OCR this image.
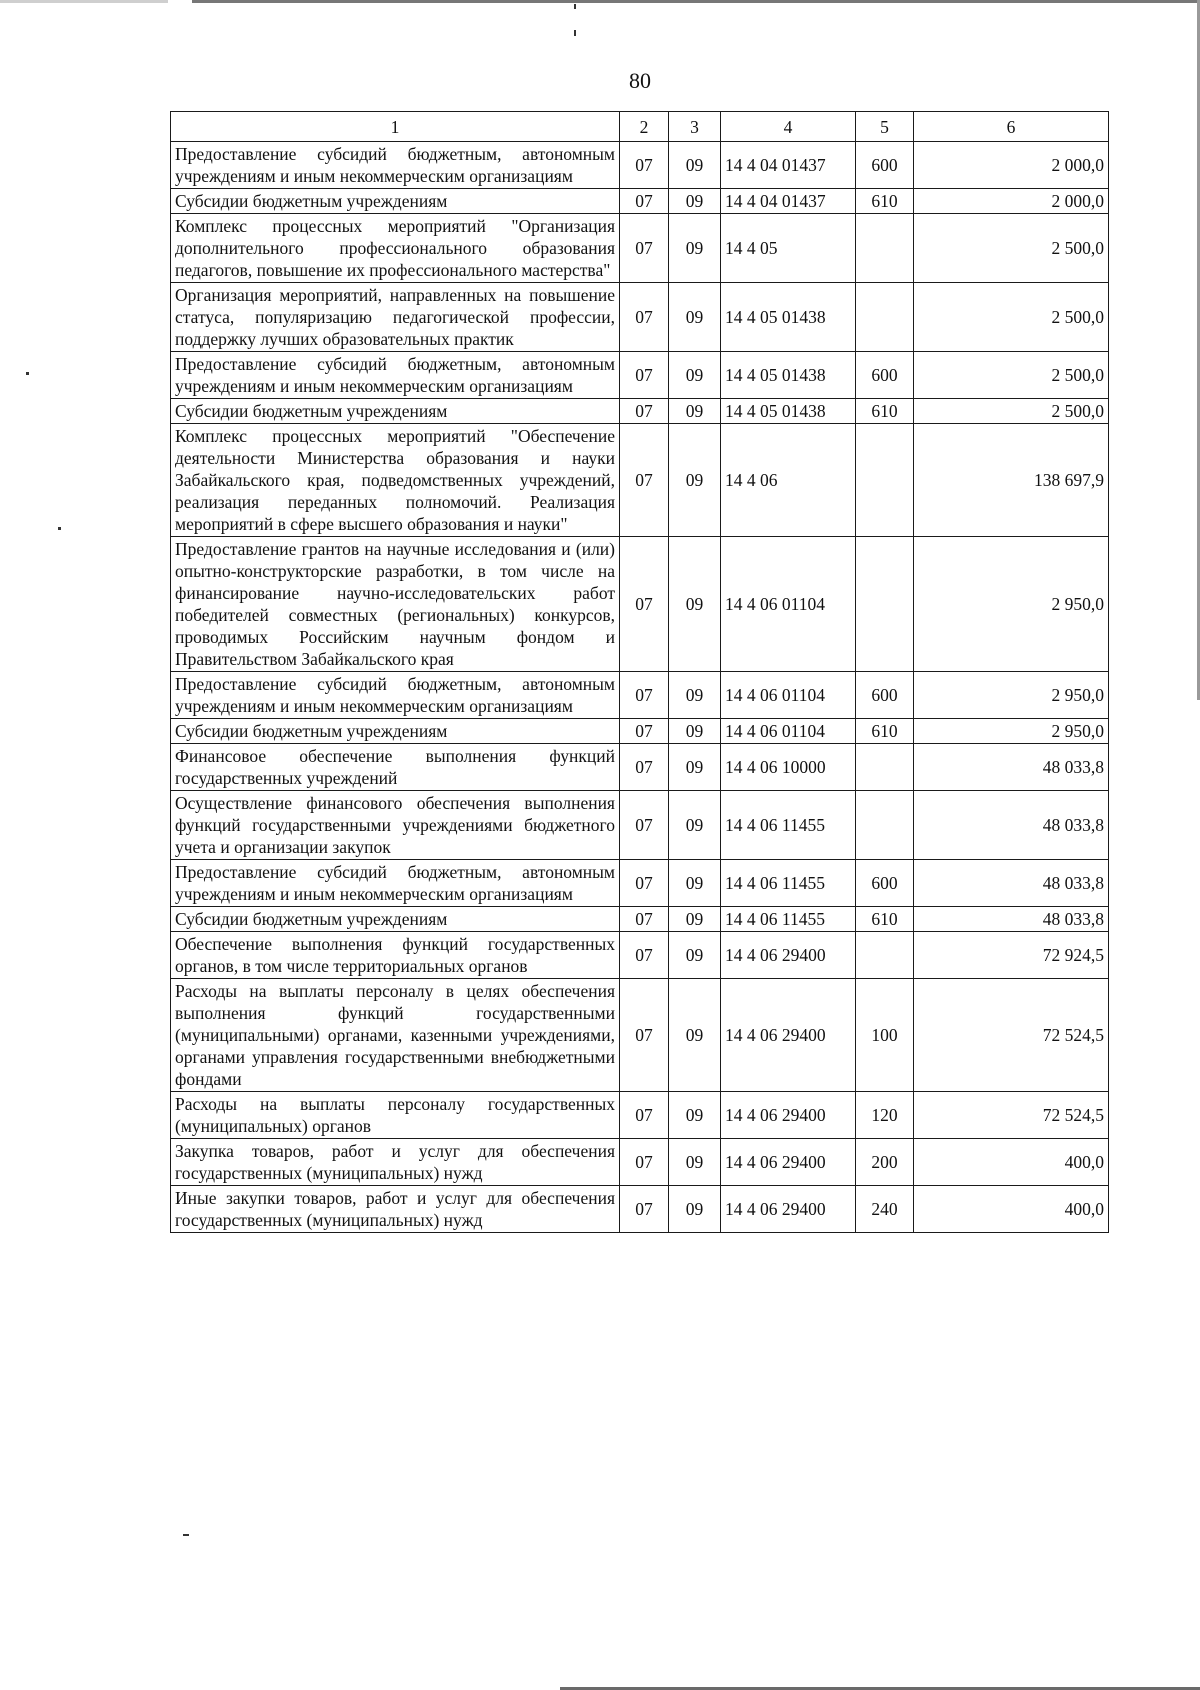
80
1	2	3	4	5	6
Предоставление субсидий бюджетным, автономным учреждениям и иным некоммерческим организациям	07	09	14 4 04 01437	600	2 000,0
Субсидии бюджетным учреждениям	07	09	14 4 04 01437	610	2 000,0
Комплекс процессных мероприятий "Организация дополнительного профессионального образования педагогов, повышение их профессионального мастерства"	07	09	14 4 05		2 500,0
Организация мероприятий, направленных на повышение статуса, популяризацию педагогической профессии, поддержку лучших образовательных практик	07	09	14 4 05 01438		2 500,0
Предоставление субсидий бюджетным, автономным учреждениям и иным некоммерческим организациям	07	09	14 4 05 01438	600	2 500,0
Субсидии бюджетным учреждениям	07	09	14 4 05 01438	610	2 500,0
Комплекс процессных мероприятий "Обеспечение деятельности Министерства образования и науки Забайкальского края, подведомственных учреждений, реализация переданных полномочий. Реализация мероприятий в сфере высшего образования и науки"	07	09	14 4 06		138 697,9
Предоставление грантов на научные исследования и (или) опытно-конструкторские разработки, в том числе на финансирование научно-исследовательских работ победителей совместных (региональных) конкурсов, проводимых Российским научным фондом и Правительством Забайкальского края	07	09	14 4 06 01104		2 950,0
Предоставление субсидий бюджетным, автономным учреждениям и иным некоммерческим организациям	07	09	14 4 06 01104	600	2 950,0
Субсидии бюджетным учреждениям	07	09	14 4 06 01104	610	2 950,0
Финансовое обеспечение выполнения функций государственных учреждений	07	09	14 4 06 10000		48 033,8
Осуществление финансового обеспечения выполнения функций государственными учреждениями бюджетного учета и организации закупок	07	09	14 4 06 11455		48 033,8
Предоставление субсидий бюджетным, автономным учреждениям и иным некоммерческим организациям	07	09	14 4 06 11455	600	48 033,8
Субсидии бюджетным учреждениям	07	09	14 4 06 11455	610	48 033,8
Обеспечение выполнения функций государственных органов, в том числе территориальных органов	07	09	14 4 06 29400		72 924,5
Расходы на выплаты персоналу в целях обеспечения выполнения функций государственными (муниципальными) органами, казенными учреждениями, органами управления государственными внебюджетными фондами	07	09	14 4 06 29400	100	72 524,5
Расходы на выплаты персоналу государственных (муниципальных) органов	07	09	14 4 06 29400	120	72 524,5
Закупка товаров, работ и услуг для обеспечения государственных (муниципальных) нужд	07	09	14 4 06 29400	200	400,0
Иные закупки товаров, работ и услуг для обеспечения государственных (муниципальных) нужд	07	09	14 4 06 29400	240	400,0
